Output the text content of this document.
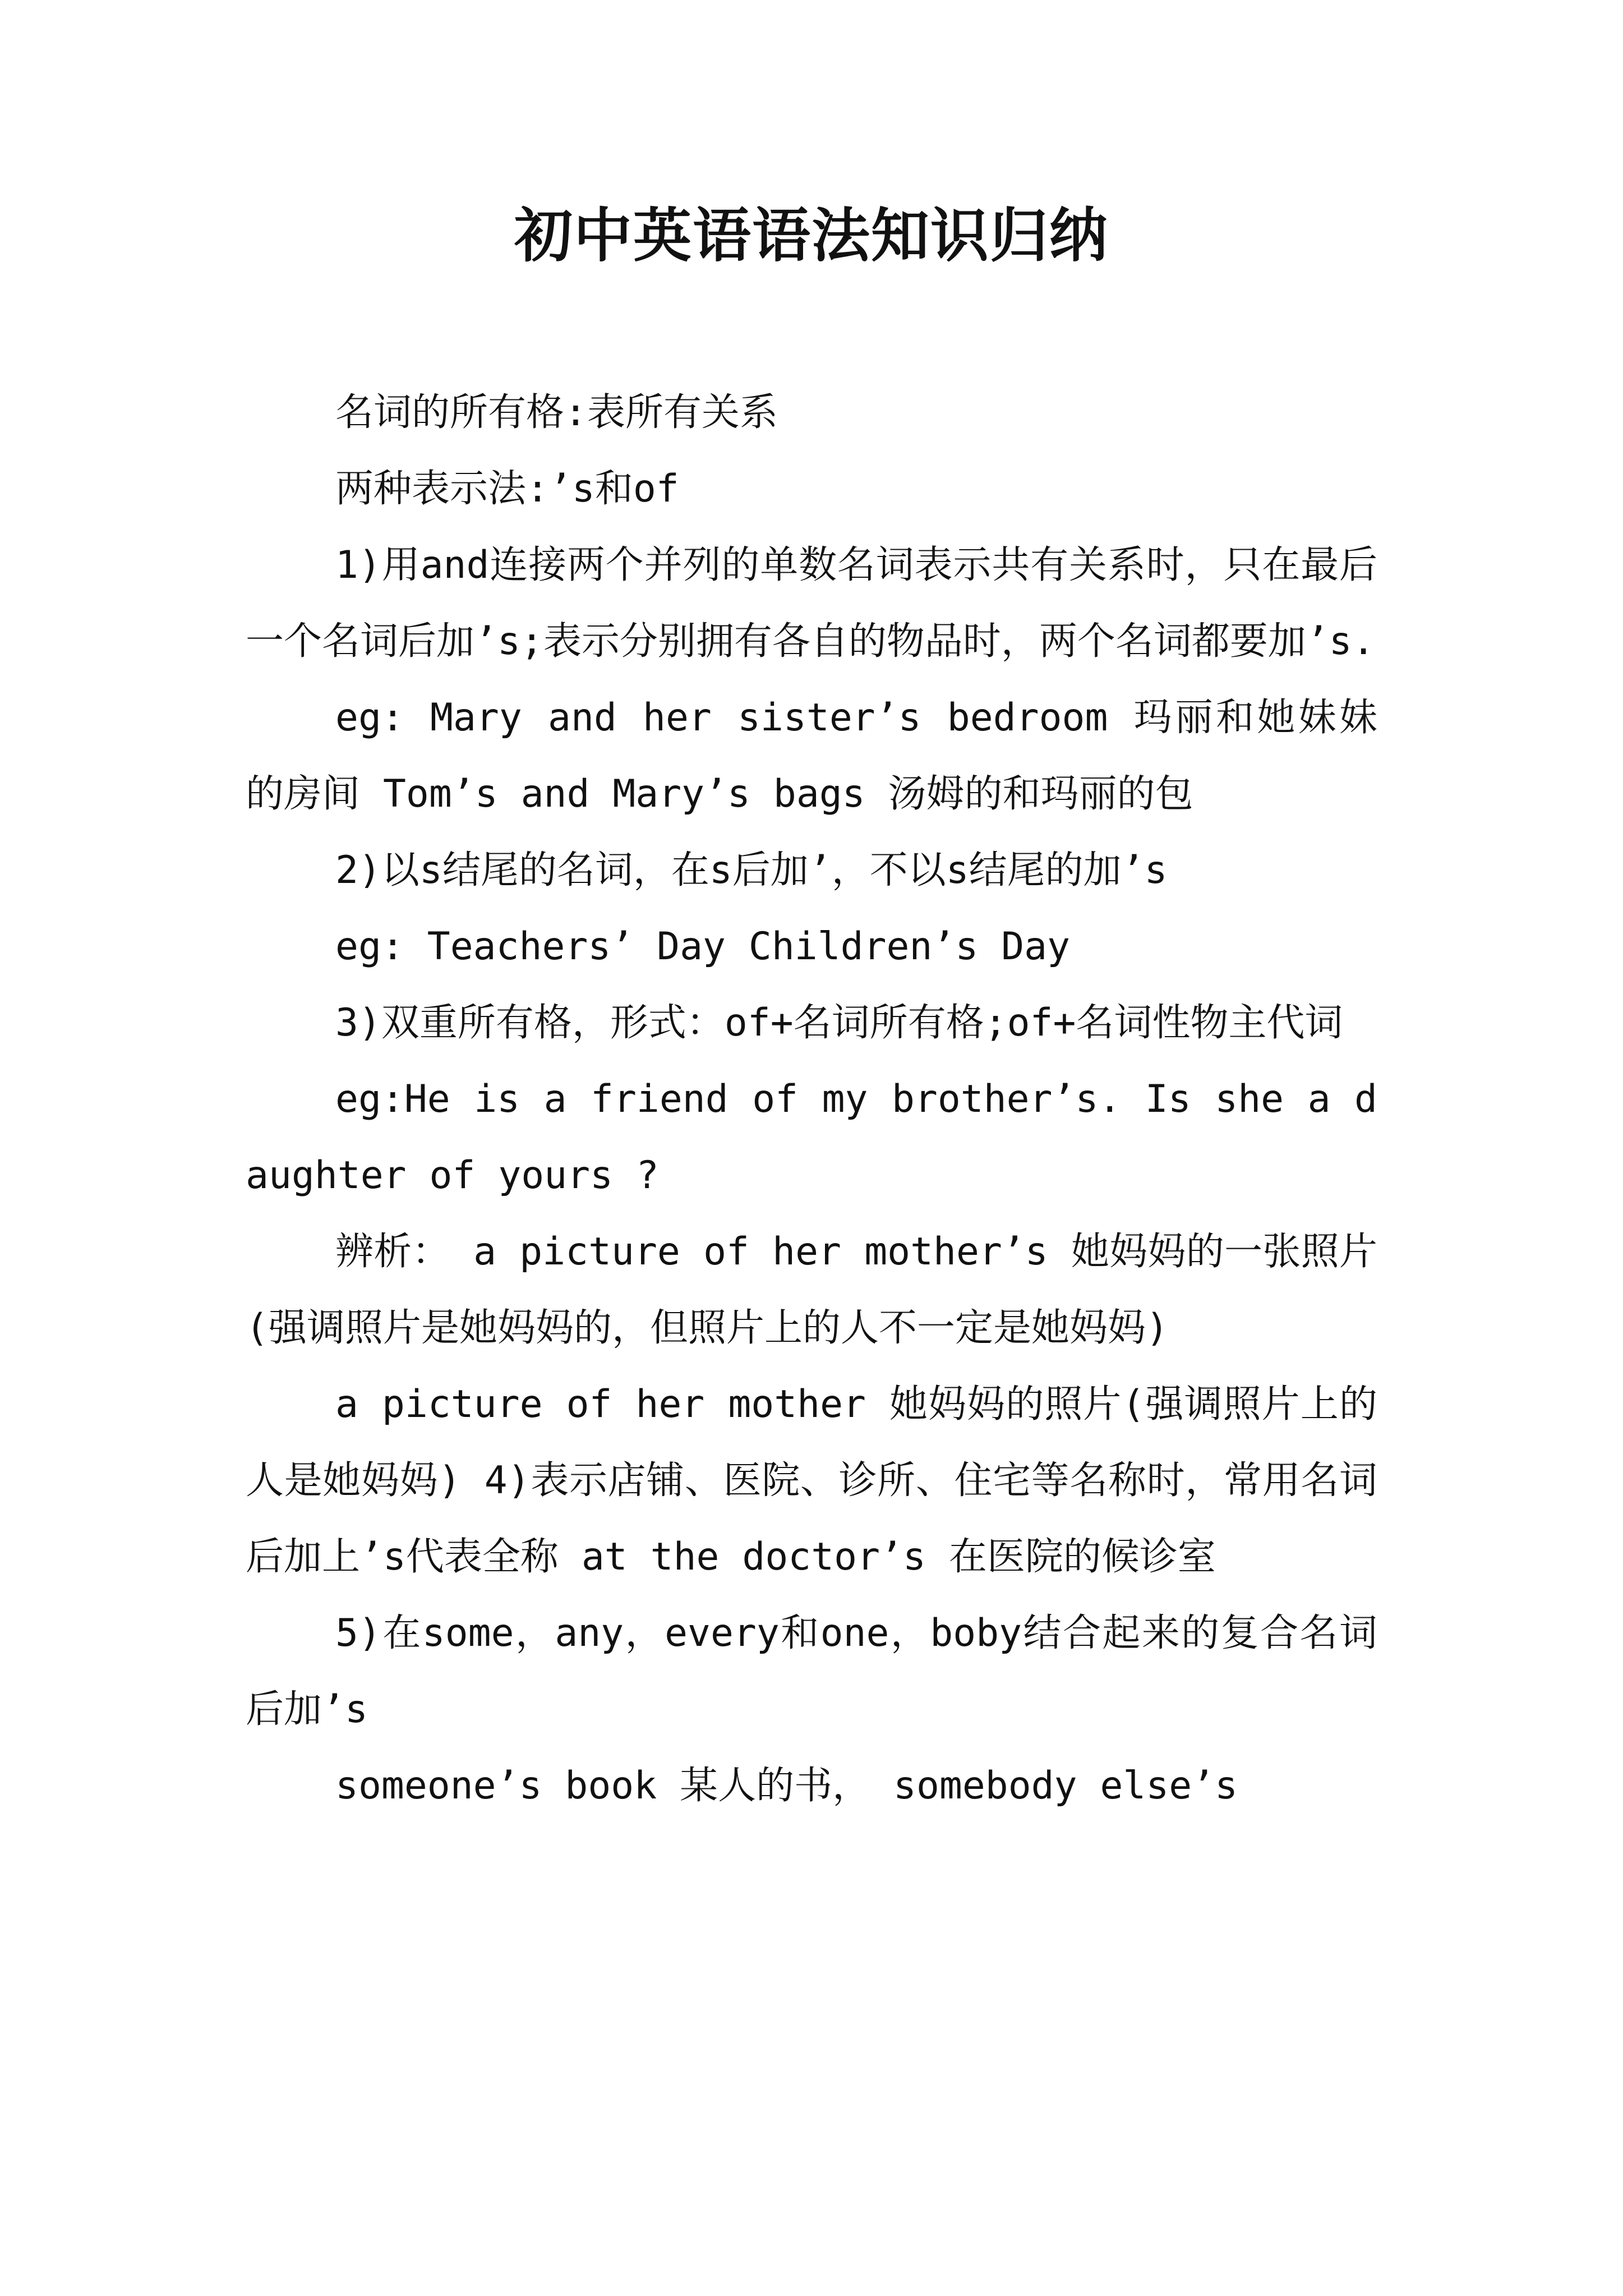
初中英语语法知识归纳

名词的所有格:表所有关系

两种表示法:’s和of

1)用and连接两个并列的单数名词表示共有关系时，只在最后一个名词后加’s;表示分别拥有各自的物品时，两个名词都要加’s.

eg: Mary and her sister’s bedroom 玛丽和她妹妹的房间 Tom’s and Mary’s bags 汤姆的和玛丽的包

2)以s结尾的名词，在s后加’，不以s结尾的加’s

eg: Teachers’ Day Children’s Day

3)双重所有格，形式：of+名词所有格;of+名词性物主代词

eg:He is a friend of my brother’s. Is she a daughter of yours ?

辨析： a picture of her mother’s 她妈妈的一张照片(强调照片是她妈妈的，但照片上的人不一定是她妈妈)

a picture of her mother 她妈妈的照片(强调照片上的人是她妈妈) 4)表示店铺、医院、诊所、住宅等名称时，常用名词后加上’s代表全称 at the doctor’s 在医院的候诊室

5)在some，any，every和one，boby结合起来的复合名词后加’s

someone’s book 某人的书， somebody else’s
